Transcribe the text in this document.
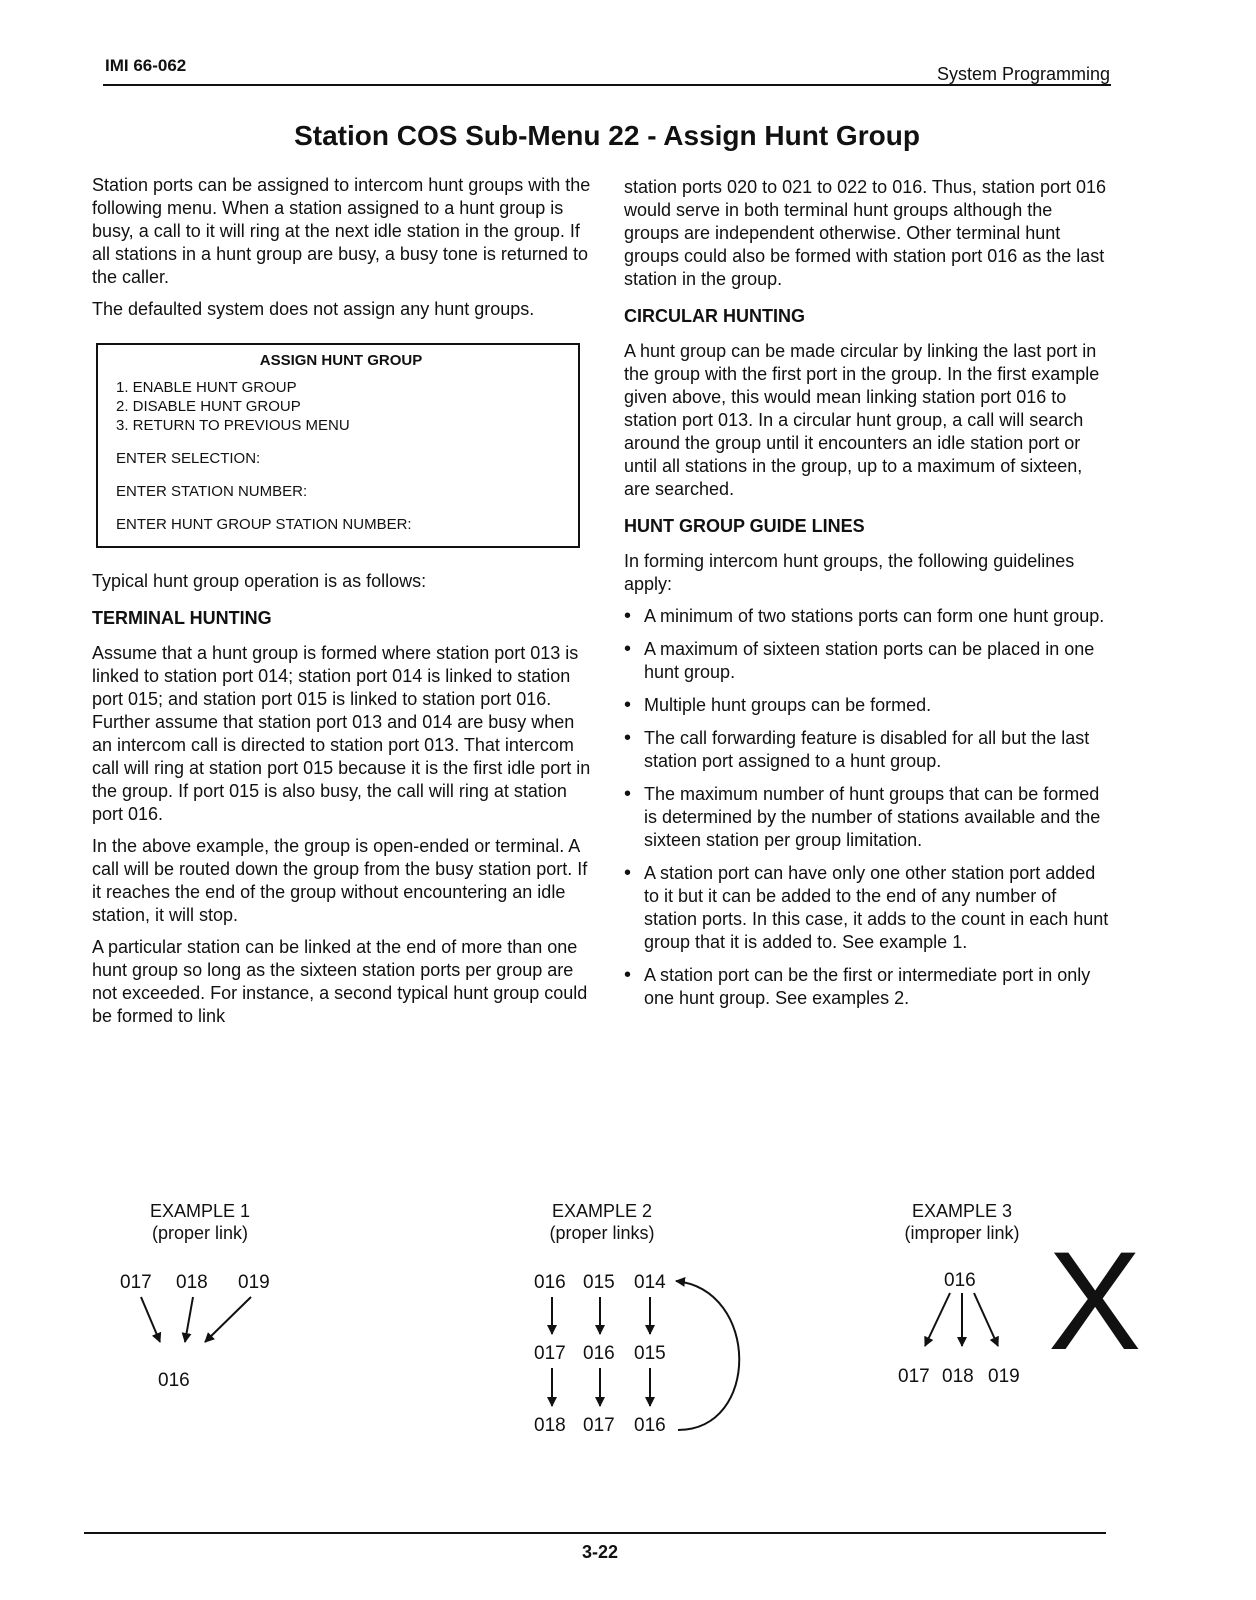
IMI 66-062	System Programming
Station COS Sub-Menu 22 - Assign Hunt Group

Station ports can be assigned to intercom hunt groups with the following menu. When a station assigned to a hunt group is busy, a call to it will ring at the next idle station in the group. If all stations in a hunt group are busy, a busy tone is returned to the caller.

The defaulted system does not assign any hunt groups.

ASSIGN HUNT GROUP
1. ENABLE HUNT GROUP
2. DISABLE HUNT GROUP
3. RETURN TO PREVIOUS MENU
ENTER SELECTION:
ENTER STATION NUMBER:
ENTER HUNT GROUP STATION NUMBER:

Typical hunt group operation is as follows:

TERMINAL HUNTING

Assume that a hunt group is formed where station port 013 is linked to station port 014; station port 014 is linked to station port 015; and station port 015 is linked to station port 016. Further assume that station port 013 and 014 are busy when an intercom call is directed to station port 013. That intercom call will ring at station port 015 because it is the first idle port in the group. If port 015 is also busy, the call will ring at station port 016.

In the above example, the group is open-ended or terminal. A call will be routed down the group from the busy station port. If it reaches the end of the group without encountering an idle station, it will stop.

A particular station can be linked at the end of more than one hunt group so long as the sixteen station ports per group are not exceeded. For instance, a second typical hunt group could be formed to link

station ports 020 to 021 to 022 to 016. Thus, station port 016 would serve in both terminal hunt groups although the groups are independent otherwise. Other terminal hunt groups could also be formed with station port 016 as the last station in the group.

CIRCULAR HUNTING

A hunt group can be made circular by linking the last port in the group with the first port in the group. In the first example given above, this would mean linking station port 016 to station port 013. In a circular hunt group, a call will search around the group until it encounters an idle station port or until all stations in the group, up to a maximum of sixteen, are searched.

HUNT GROUP GUIDE LINES

In forming intercom hunt groups, the following guidelines apply:

• A minimum of two stations ports can form one hunt group.
• A maximum of sixteen station ports can be placed in one hunt group.
• Multiple hunt groups can be formed.
• The call forwarding feature is disabled for all but the last station port assigned to a hunt group.
• The maximum number of hunt groups that can be formed is determined by the number of stations available and the sixteen station per group limitation.
• A station port can have only one other station port added to it but it can be added to the end of any number of station ports. In this case, it adds to the count in each hunt group that it is added to. See example 1.
• A station port can be the first or intermediate port in only one hunt group. See examples 2.
EXAMPLE 1
(proper link)
017 018 019
016
EXAMPLE 2
(proper links)
016 015 014
017 016 015
018 017 016
EXAMPLE 3
(improper link)
016
017 018 019 X
3-22
